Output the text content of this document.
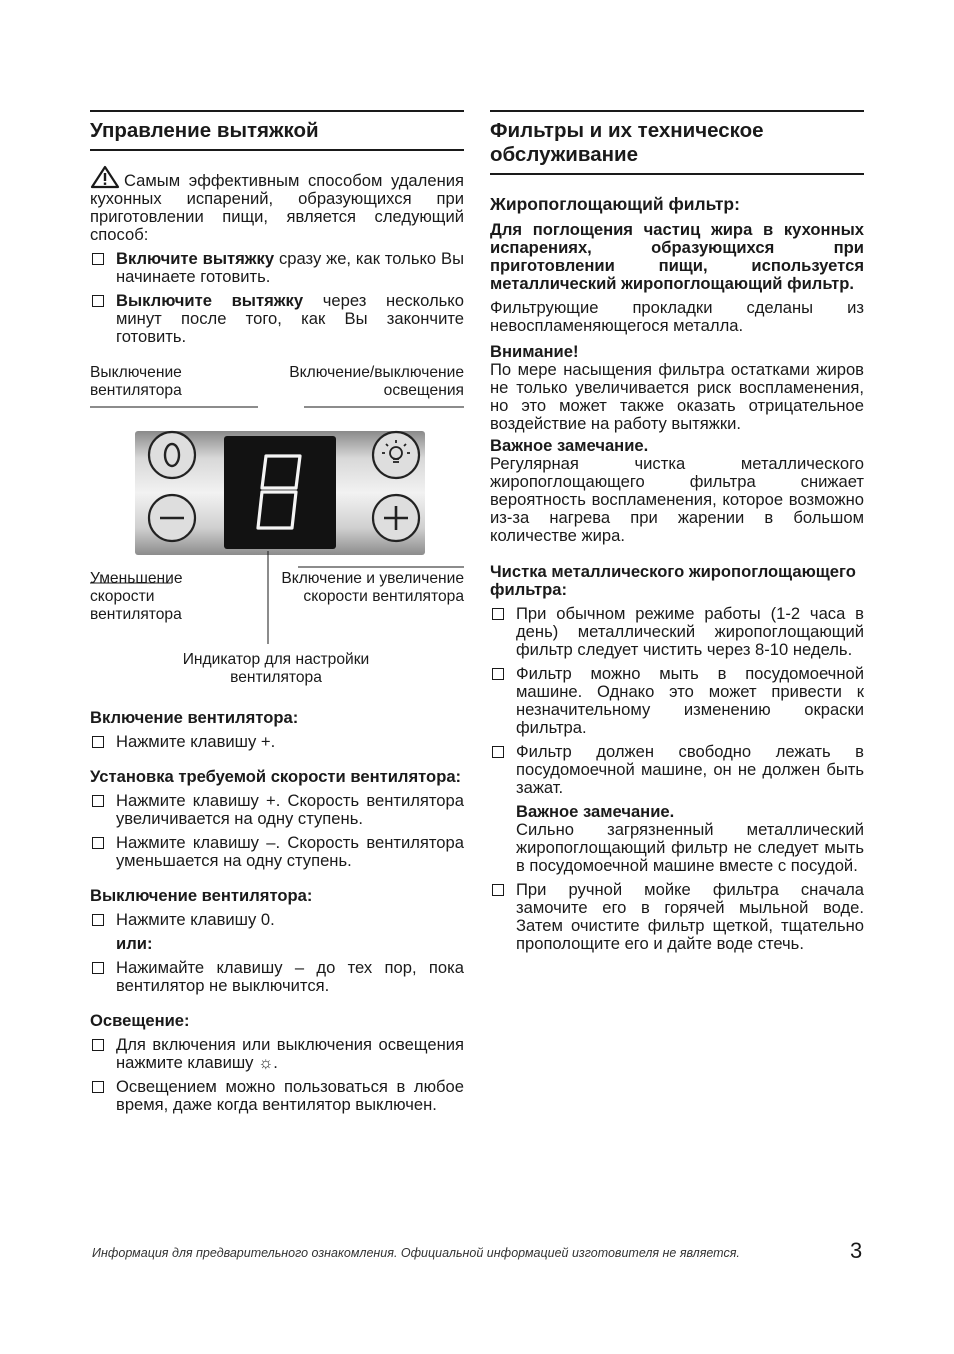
Управление вытяжкой

Самым эффективным способом удаления кухонных испарений, образующихся при приготовлении пищи, является следующий способ:

Включите вытяжку сразу же, как только Вы начинаете готовить.
Выключите вытяжку через несколько минут после того, как Вы закончите готовить.
Выключение вентилятора
Включение/выключение освещения
Уменьшение скорости вентилятора
Включение и увеличение скорости вентилятора
Индикатор для настройки вентилятора
Включение вентилятора:
Нажмите клавишу +.
Установка требуемой скорости вентилятора:
Нажмите клавишу +. Скорость вентилятора увеличивается на одну ступень.
Нажмите клавишу –. Скорость вентилятора уменьшается на одну ступень.
Выключение вентилятора:
Нажмите клавишу 0.
или:
Нажимайте клавишу – до тех пор, пока вентилятор не выключится.
Освещение:
Для включения или выключения освещения нажмите клавишу ☼.
Освещением можно пользоваться в любое время, даже когда вентилятор выключен.
Фильтры и их техническое обслуживание
Жиропоглощающий фильтр:

Для поглощения частиц жира в кухонных испарениях, образующихся при приготовлении пищи, используется металлический жиропоглощающий фильтр.

Фильтрующие прокладки сделаны из невоспламеняющегося металла.

Внимание!

По мере насыщения фильтра остатками жиров не только увеличивается риск воспламенения, но это может также оказать отрицательное воздействие на работу вытяжки.

Важное замечание.

Регулярная чистка металлического жиропоглощающего фильтра снижает вероятность воспламенения, которое возможно из-за нагрева при жарении в большом количестве жира.

Чистка металлического жиропоглощающего фильтра:
При обычном режиме работы (1-2 часа в день) металлический жиропоглощающий фильтр следует чистить через 8-10 недель.
Фильтр можно мыть в посудомоечной машине. Однако это может привести к незначительному изменению окраски фильтра.
Фильтр должен свободно лежать в посудомоечной машине, он не должен быть зажат.
Важное замечание.

Сильно загрязненный металлический жиропоглощающий фильтр не следует мыть в посудомоечной машине вместе с посудой.

При ручной мойке фильтра сначала замочите его в горячей мыльной воде. Затем очистите фильтр щеткой, тщательно прополощите его и дайте воде стечь.
Информация для предварительного ознакомления. Официальной информацией изготовителя не является.	3
